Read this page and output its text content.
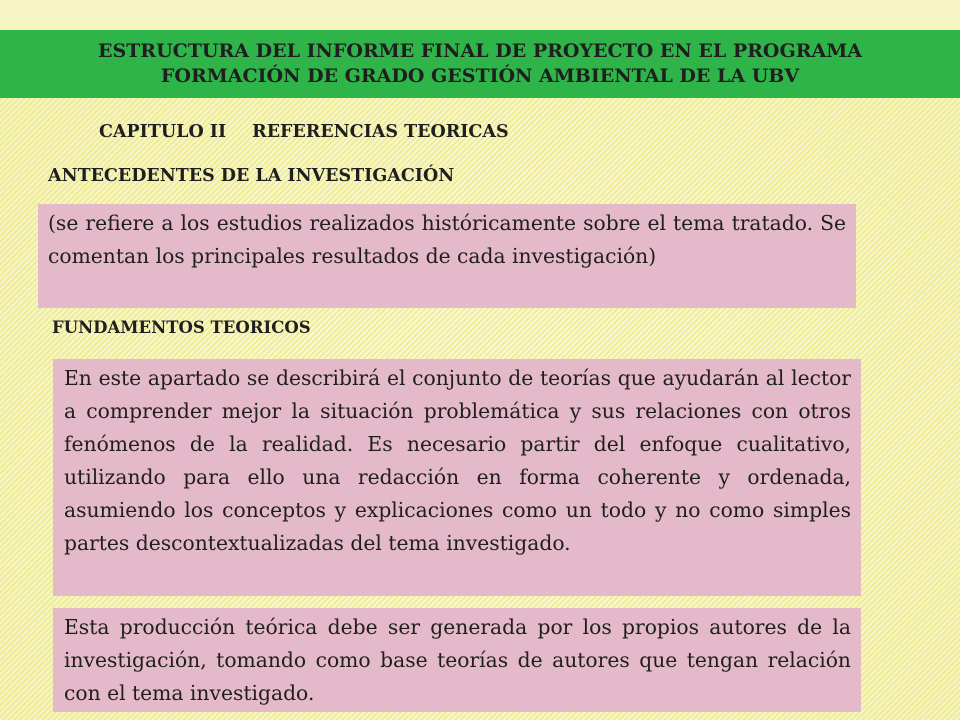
ESTRUCTURA DEL INFORME FINAL DE PROYECTO EN EL PROGRAMA
FORMACIÓN DE GRADO GESTIÓN AMBIENTAL DE LA UBV
CAPITULO II REFERENCIAS TEORICAS
ANTECEDENTES DE LA INVESTIGACIÓN
(se refiere a los estudios realizados históricamente sobre el tema tratado. Se comentan los principales resultados de cada investigación)
FUNDAMENTOS TEORICOS
En este apartado se describirá el conjunto de teorías que ayudarán al lector a comprender mejor la situación problemática y sus relaciones con otros fenómenos de la realidad. Es necesario partir del enfoque cualitativo, utilizando para ello una redacción en forma coherente y ordenada, asumiendo los conceptos y explicaciones como un todo y no como simples partes descontextualizadas del tema investigado.
Esta producción teórica debe ser generada por los propios autores de la investigación, tomando como base teorías de autores que tengan relación con el tema investigado.
